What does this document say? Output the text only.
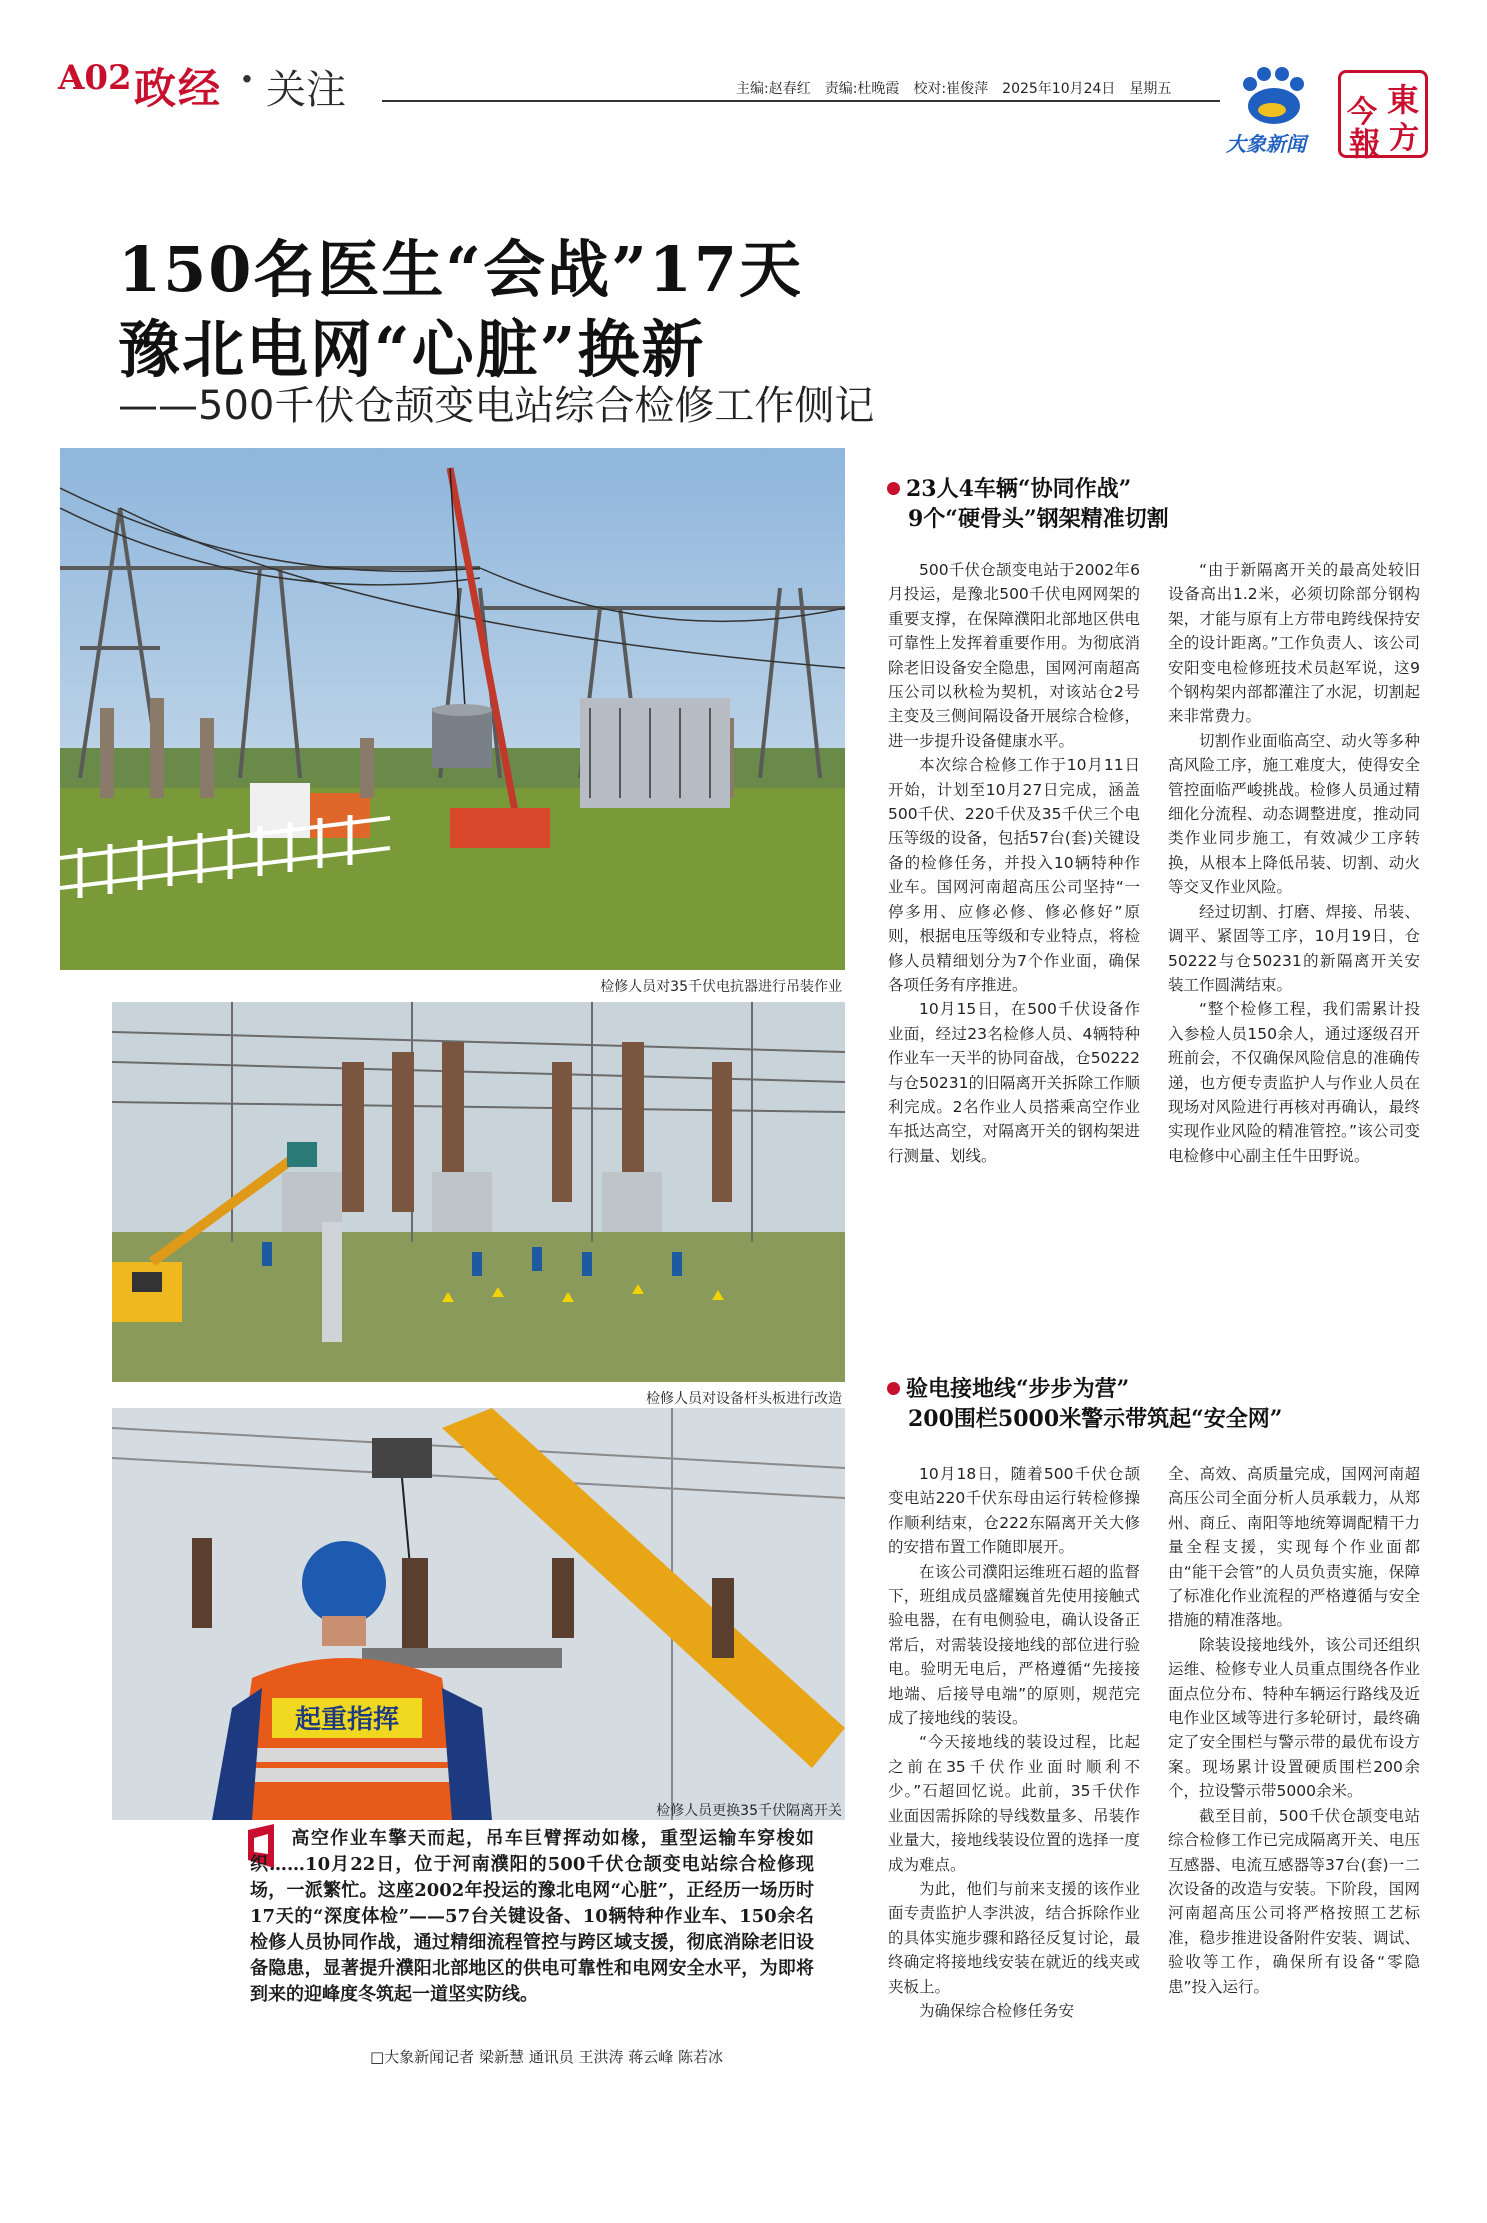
A02 政经 · 关注	主编:赵春红 责编:杜晚霞 校对:崔俊萍 2025年10月24日 星期五
大象新闻
今 東
報 方
150名医生“会战”17天
豫北电网“心脏”换新
——500千伏仓颉变电站综合检修工作侧记
检修人员对35千伏电抗器进行吊装作业
检修人员对设备杆头板进行改造
起重指挥
检修人员更换35千伏隔离开关
23人4车辆“协同作战”
9个“硬骨头”钢架精准切割

500千伏仓颉变电站于2002年6月投运，是豫北500千伏电网网架的重要支撑，在保障濮阳北部地区供电可靠性上发挥着重要作用。为彻底消除老旧设备安全隐患，国网河南超高压公司以秋检为契机，对该站仓2号主变及三侧间隔设备开展综合检修，进一步提升设备健康水平。

本次综合检修工作于10月11日开始，计划至10月27日完成，涵盖500千伏、220千伏及35千伏三个电压等级的设备，包括57台(套)关键设备的检修任务，并投入10辆特种作业车。国网河南超高压公司坚持“一停多用、应修必修、修必修好”原则，根据电压等级和专业特点，将检修人员精细划分为7个作业面，确保各项任务有序推进。

10月15日，在500千伏设备作业面，经过23名检修人员、4辆特种作业车一天半的协同奋战，仓50222与仓50231的旧隔离开关拆除工作顺利完成。2名作业人员搭乘高空作业车抵达高空，对隔离开关的钢构架进行测量、划线。

“由于新隔离开关的最高处较旧设备高出1.2米，必须切除部分钢构架，才能与原有上方带电跨线保持安全的设计距离。”工作负责人、该公司安阳变电检修班技术员赵军说，这9个钢构架内部都灌注了水泥，切割起来非常费力。

切割作业面临高空、动火等多种高风险工序，施工难度大，使得安全管控面临严峻挑战。检修人员通过精细化分流程、动态调整进度，推动同类作业同步施工，有效减少工序转换，从根本上降低吊装、切割、动火等交叉作业风险。

经过切割、打磨、焊接、吊装、调平、紧固等工序，10月19日，仓50222与仓50231的新隔离开关安装工作圆满结束。

“整个检修工程，我们需累计投入参检人员150余人，通过逐级召开班前会，不仅确保风险信息的准确传递，也方便专责监护人与作业人员在现场对风险进行再核对再确认，最终实现作业风险的精准管控。”该公司变电检修中心副主任牛田野说。

验电接地线“步步为营”
200围栏5000米警示带筑起“安全网”

10月18日，随着500千伏仓颉变电站220千伏东母由运行转检修操作顺利结束，仓222东隔离开关大修的安措布置工作随即展开。

在该公司濮阳运维班石超的监督下，班组成员盛耀巍首先使用接触式验电器，在有电侧验电，确认设备正常后，对需装设接地线的部位进行验电。验明无电后，严格遵循“先接接地端、后接导电端”的原则，规范完成了接地线的装设。

“今天接地线的装设过程，比起之前在35千伏作业面时顺利不少。”石超回忆说。此前，35千伏作业面因需拆除的导线数量多、吊装作业量大，接地线装设位置的选择一度成为难点。

为此，他们与前来支援的该作业面专责监护人李洪波，结合拆除作业的具体实施步骤和路径反复讨论，最终确定将接地线安装在就近的线夹或夹板上。

为确保综合检修任务安

全、高效、高质量完成，国网河南超高压公司全面分析人员承载力，从郑州、商丘、南阳等地统筹调配精干力量全程支援，实现每个作业面都由“能干会管”的人员负责实施，保障了标准化作业流程的严格遵循与安全措施的精准落地。

除装设接地线外，该公司还组织运维、检修专业人员重点围绕各作业面点位分布、特种车辆运行路线及近电作业区域等进行多轮研讨，最终确定了安全围栏与警示带的最优布设方案。现场累计设置硬质围栏200余个，拉设警示带5000余米。

截至目前，500千伏仓颉变电站综合检修工作已完成隔离开关、电压互感器、电流互感器等37台(套)一二次设备的改造与安装。下阶段，国网河南超高压公司将严格按照工艺标准，稳步推进设备附件安装、调试、验收等工作，确保所有设备“零隐患”投入运行。

高空作业车擎天而起，吊车巨臂挥动如椽，重型运输车穿梭如织……10月22日，位于河南濮阳的500千伏仓颉变电站综合检修现场，一派繁忙。这座2002年投运的豫北电网“心脏”，正经历一场历时17天的“深度体检”——57台关键设备、10辆特种作业车、150余名检修人员协同作战，通过精细流程管控与跨区域支援，彻底消除老旧设备隐患，显著提升濮阳北部地区的供电可靠性和电网安全水平，为即将到来的迎峰度冬筑起一道坚实防线。
□大象新闻记者 梁新慧 通讯员 王洪涛 蒋云峰 陈若冰
